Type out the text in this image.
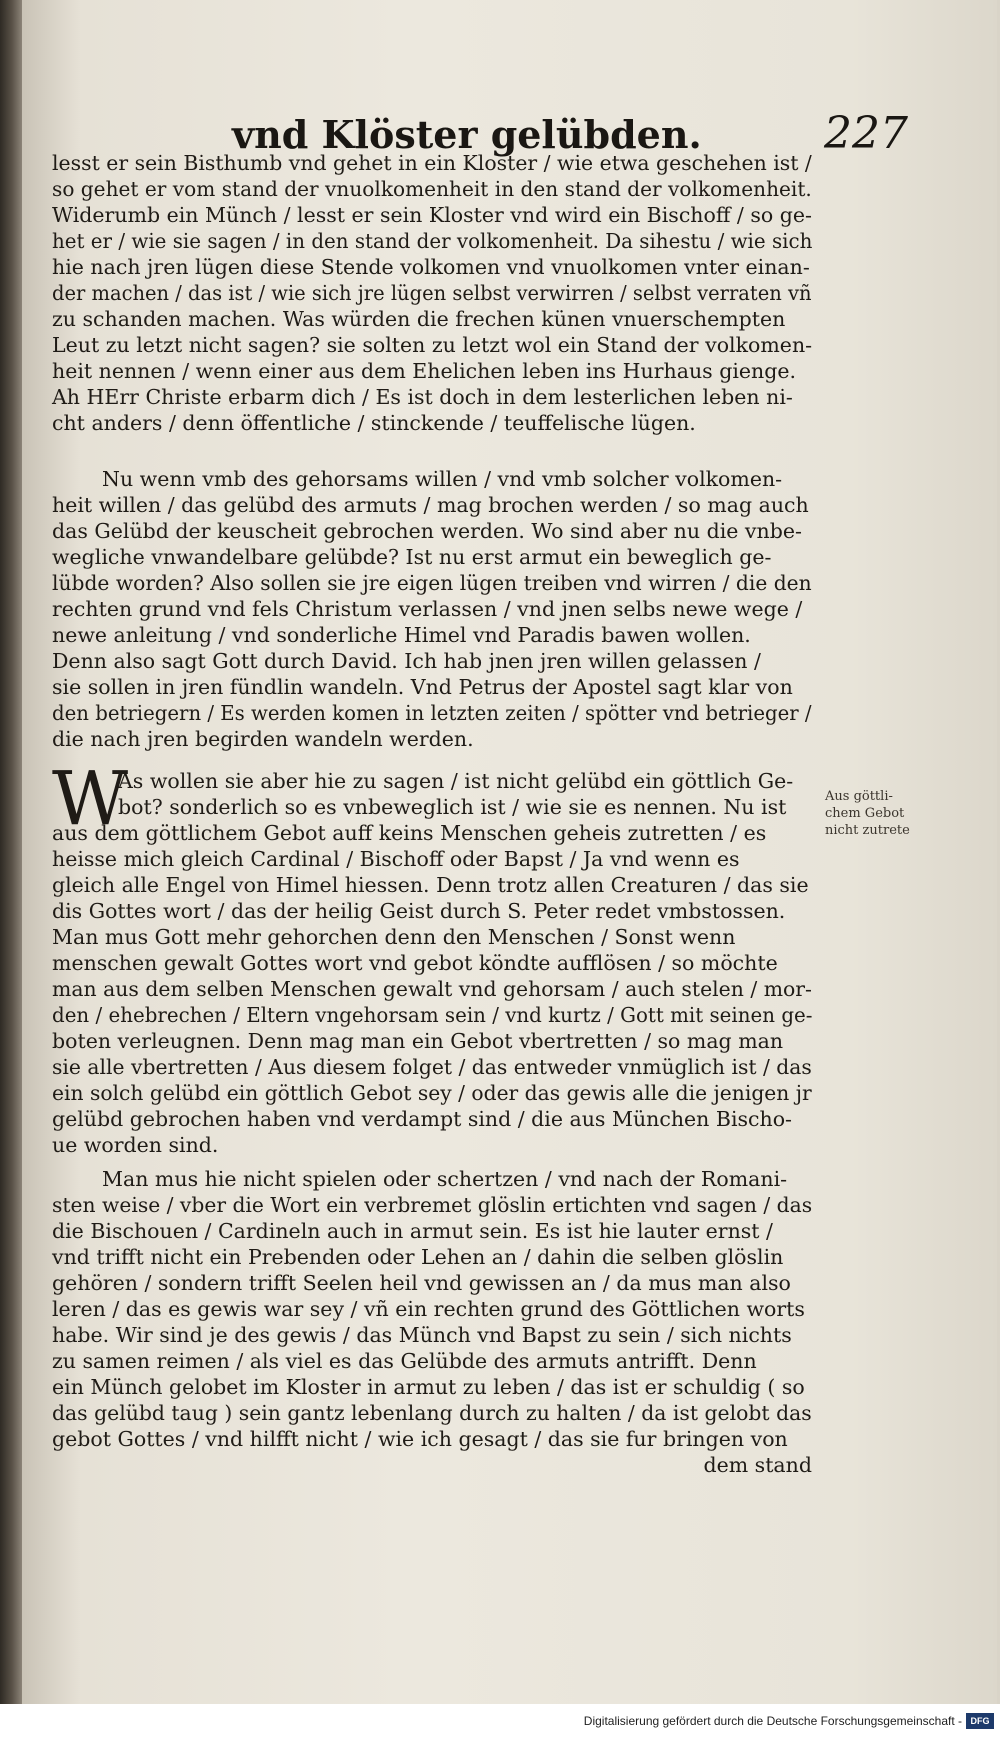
vnd Klöster gelübden.	227
lesst er sein Bisthumb vnd gehet in ein Kloster / wie etwa geschehen ist /
so gehet er vom stand der vnuolkomenheit in den stand der volkomenheit.
Widerumb ein Münch / lesst er sein Kloster vnd wird ein Bischoff / so ge-
het er / wie sie sagen / in den stand der volkomenheit. Da sihestu / wie sich
hie nach jren lügen diese Stende volkomen vnd vnuolkomen vnter einan-
der machen / das ist / wie sich jre lügen selbst verwirren / selbst verraten vñ
zu schanden machen. Was würden die frechen künen vnuerschempten
Leut zu letzt nicht sagen? sie solten zu letzt wol ein Stand der volkomen-
heit nennen / wenn einer aus dem Ehelichen leben ins Hurhaus gienge.
Ah HErr Christe erbarm dich / Es ist doch in dem lesterlichen leben ni-
cht anders / denn öffentliche / stinckende / teuffelische lügen.
Nu wenn vmb des gehorsams willen / vnd vmb solcher volkomen-
heit willen / das gelübd des armuts / mag brochen werden / so mag auch
das Gelübd der keuscheit gebrochen werden. Wo sind aber nu die vnbe-
wegliche vnwandelbare gelübde? Ist nu erst armut ein beweglich ge-
lübde worden? Also sollen sie jre eigen lügen treiben vnd wirren / die den
rechten grund vnd fels Christum verlassen / vnd jnen selbs newe wege /
newe anleitung / vnd sonderliche Himel vnd Paradis bawen wollen.
Denn also sagt Gott durch David. Ich hab jnen jren willen gelassen /
sie sollen in jren fündlin wandeln. Vnd Petrus der Apostel sagt klar von
den betriegern / Es werden komen in letzten zeiten / spötter vnd betrieger /
die nach jren begirden wandeln werden.
W
As wollen sie aber hie zu sagen / ist nicht gelübd ein göttlich Ge-
bot? sonderlich so es vnbeweglich ist / wie sie es nennen. Nu ist
aus dem göttlichem Gebot auff keins Menschen geheis zutretten / es
heisse mich gleich Cardinal / Bischoff oder Bapst / Ja vnd wenn es
gleich alle Engel von Himel hiessen. Denn trotz allen Creaturen / das sie
dis Gottes wort / das der heilig Geist durch S. Peter redet vmbstossen.
Man mus Gott mehr gehorchen denn den Menschen / Sonst wenn
menschen gewalt Gottes wort vnd gebot köndte aufflösen / so möchte
man aus dem selben Menschen gewalt vnd gehorsam / auch stelen / mor-
den / ehebrechen / Eltern vngehorsam sein / vnd kurtz / Gott mit seinen ge-
boten verleugnen. Denn mag man ein Gebot vbertretten / so mag man
sie alle vbertretten / Aus diesem folget / das entweder vnmüglich ist / das
ein solch gelübd ein göttlich Gebot sey / oder das gewis alle die jenigen jr
gelübd gebrochen haben vnd verdampt sind / die aus München Bischo-
ue worden sind.
Aus göttli-
chem Gebot
nicht zutrete
Man mus hie nicht spielen oder schertzen / vnd nach der Romani-
sten weise / vber die Wort ein verbremet glöslin ertichten vnd sagen / das
die Bischouen / Cardineln auch in armut sein. Es ist hie lauter ernst /
vnd trifft nicht ein Prebenden oder Lehen an / dahin die selben glöslin
gehören / sondern trifft Seelen heil vnd gewissen an / da mus man also
leren / das es gewis war sey / vñ ein rechten grund des Göttlichen worts
habe. Wir sind je des gewis / das Münch vnd Bapst zu sein / sich nichts
zu samen reimen / als viel es das Gelübde des armuts antrifft. Denn
ein Münch gelobet im Kloster in armut zu leben / das ist er schuldig ( so
das gelübd taug ) sein gantz lebenlang durch zu halten / da ist gelobt das
gebot Gottes / vnd hilfft nicht / wie ich gesagt / das sie fur bringen von
dem stand
Digitalisierung gefördert durch die Deutsche Forschungsgemeinschaft - DFG
